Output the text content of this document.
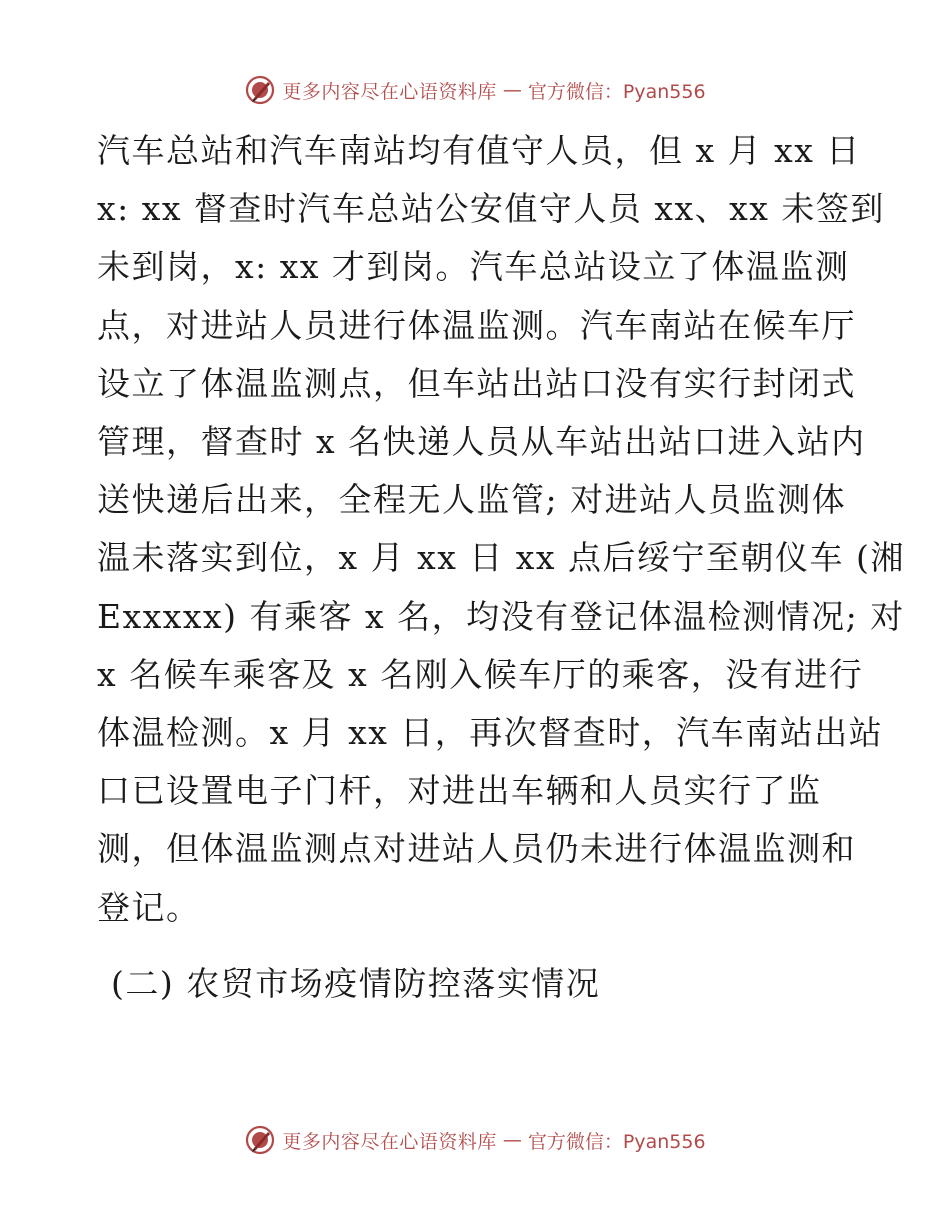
更多内容尽在心语资料库 — 官方微信：Pyan556

汽车总站和汽车南站均有值守人员，但 x 月 xx 日
x: xx 督查时汽车总站公安值守人员 xx、xx 未签到
未到岗，x: xx 才到岗。汽车总站设立了体温监测
点，对进站人员进行体温监测。汽车南站在候车厅
设立了体温监测点，但车站出站口没有实行封闭式
管理，督查时 x 名快递人员从车站出站口进入站内
送快递后出来，全程无人监管; 对进站人员监测体
温未落实到位，x 月 xx 日 xx 点后绥宁至朝仪车 (湘
Exxxxx) 有乘客 x 名，均没有登记体温检测情况; 对
x 名候车乘客及 x 名刚入候车厅的乘客，没有进行
体温检测。x 月 xx 日，再次督查时，汽车南站出站
口已设置电子门杆，对进出车辆和人员实行了监
测，但体温监测点对进站人员仍未进行体温监测和
登记。

(二) 农贸市场疫情防控落实情况

更多内容尽在心语资料库 — 官方微信：Pyan556
